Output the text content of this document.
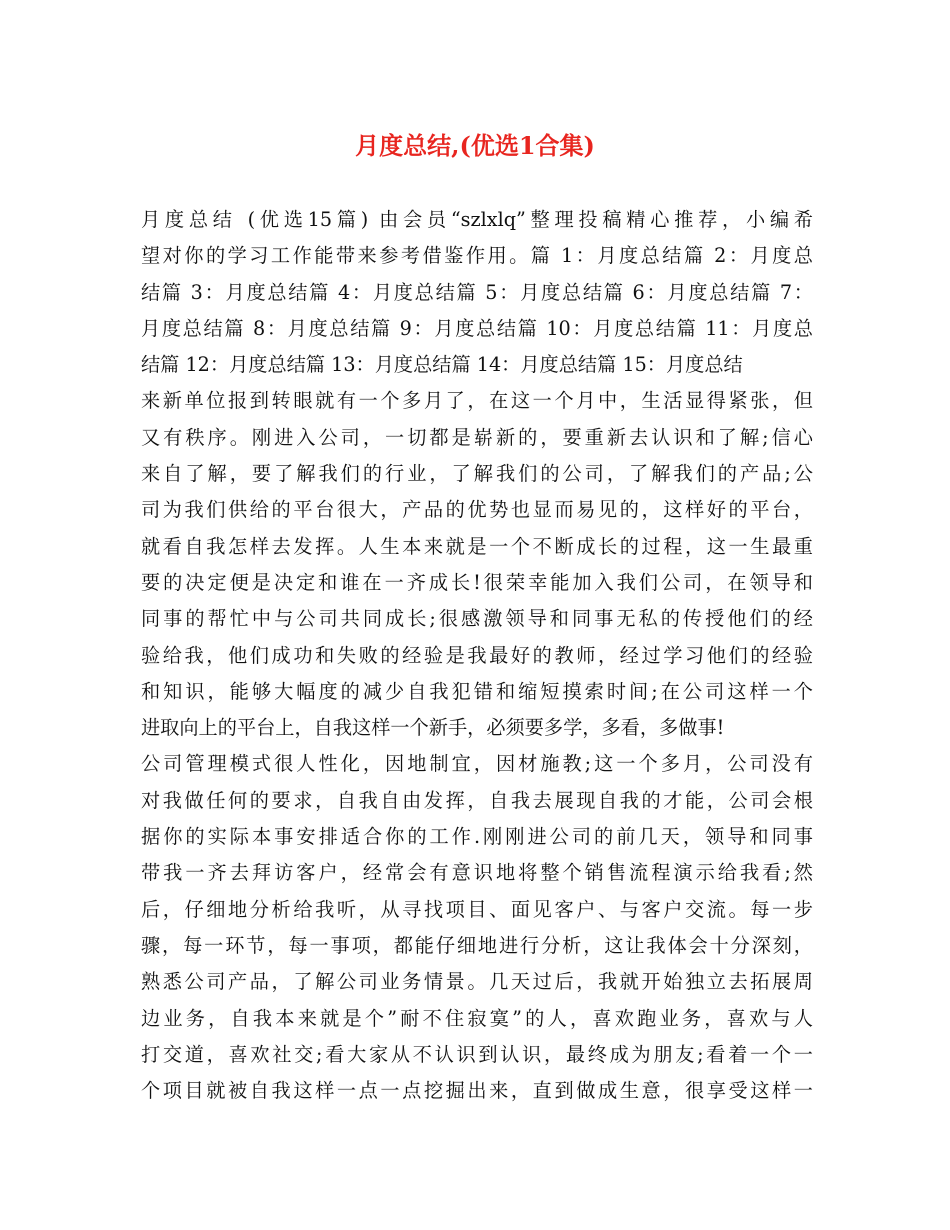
月度总结,(优选1合集)
月度总结 (优选15篇) 由会员“szlxlq”整理投稿精心推荐，小编希
望对你的学习工作能带来参考借鉴作用。篇 1：月度总结篇 2：月度总
结篇 3：月度总结篇 4：月度总结篇 5：月度总结篇 6：月度总结篇 7：
月度总结篇 8：月度总结篇 9：月度总结篇 10：月度总结篇 11：月度总
结篇 12：月度总结篇 13：月度总结篇 14：月度总结篇 15：月度总结
来新单位报到转眼就有一个多月了，在这一个月中，生活显得紧张，但
又有秩序。刚进入公司，一切都是崭新的，要重新去认识和了解;信心
来自了解，要了解我们的行业，了解我们的公司，了解我们的产品;公
司为我们供给的平台很大，产品的优势也显而易见的，这样好的平台，
就看自我怎样去发挥。人生本来就是一个不断成长的过程，这一生最重
要的决定便是决定和谁在一齐成长!很荣幸能加入我们公司，在领导和
同事的帮忙中与公司共同成长;很感激领导和同事无私的传授他们的经
验给我，他们成功和失败的经验是我最好的教师，经过学习他们的经验
和知识，能够大幅度的减少自我犯错和缩短摸索时间;在公司这样一个
进取向上的平台上，自我这样一个新手，必须要多学，多看，多做事!
公司管理模式很人性化，因地制宜，因材施教;这一个多月，公司没有
对我做任何的要求，自我自由发挥，自我去展现自我的才能，公司会根
据你的实际本事安排适合你的工作.刚刚进公司的前几天，领导和同事
带我一齐去拜访客户，经常会有意识地将整个销售流程演示给我看;然
后，仔细地分析给我听，从寻找项目、面见客户、与客户交流。每一步
骤，每一环节，每一事项，都能仔细地进行分析，这让我体会十分深刻，
熟悉公司产品，了解公司业务情景。几天过后，我就开始独立去拓展周
边业务，自我本来就是个”耐不住寂寞”的人，喜欢跑业务，喜欢与人
打交道，喜欢社交;看大家从不认识到认识，最终成为朋友;看着一个一
个项目就被自我这样一点一点挖掘出来，直到做成生意，很享受这样一
